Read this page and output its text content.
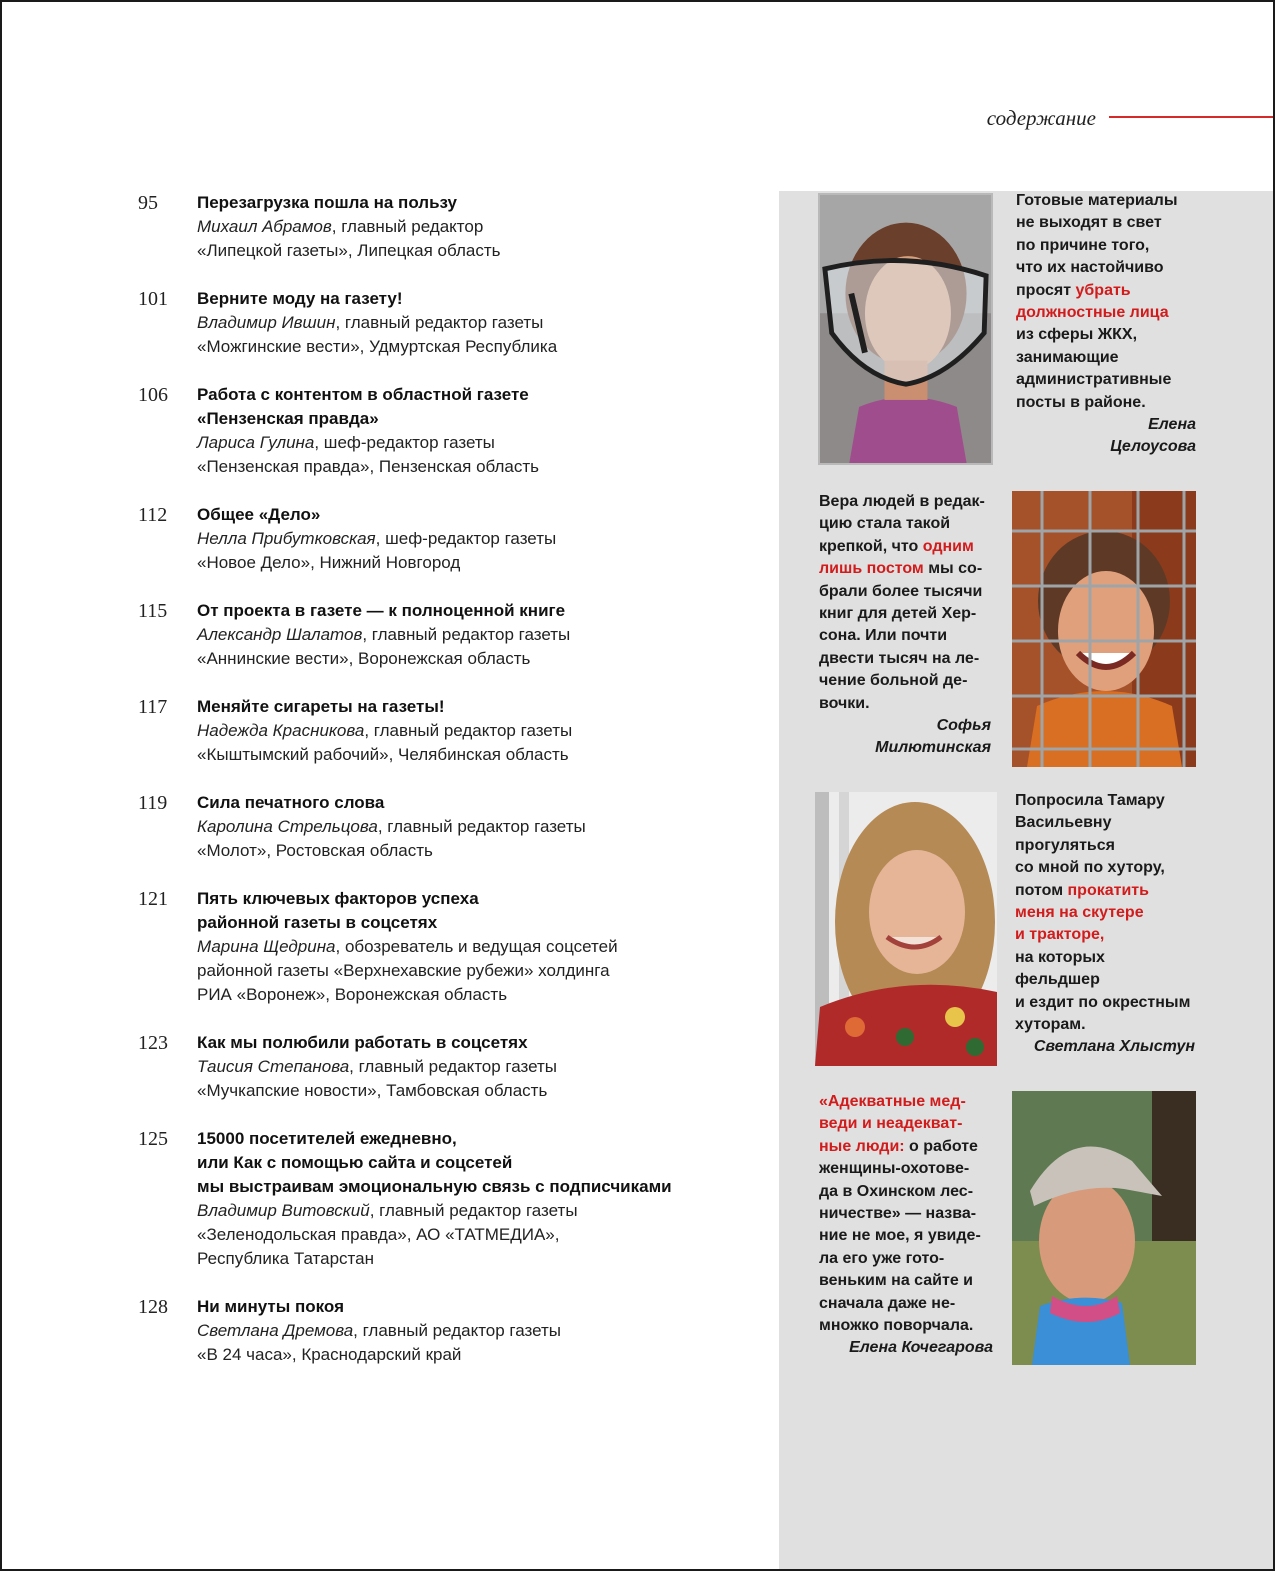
содержание
95 Перезагрузка пошла на пользу
Михаил Абрамов, главный редактор
«Липецкой газеты», Липецкая область
101 Верните моду на газету!
Владимир Ившин, главный редактор газеты
«Можгинские вести», Удмуртская Республика
106 Работа с контентом в областной газете
«Пензенская правда»
Лариса Гулина, шеф-редактор газеты
«Пензенская правда», Пензенская область
112 Общее «Дело»
Нелла Прибутковская, шеф-редактор газеты
«Новое Дело», Нижний Новгород
115 От проекта в газете — к полноценной книге
Александр Шалатов, главный редактор газеты
«Аннинские вести», Воронежская область
117 Меняйте сигареты на газеты!
Надежда Красникова, главный редактор газеты
«Кыштымский рабочий», Челябинская область
119 Сила печатного слова
Каролина Стрельцова, главный редактор газеты
«Молот», Ростовская область
121 Пять ключевых факторов успеха
районной газеты в соцсетях
Марина Щедрина, обозреватель и ведущая соцсетей
районной газеты «Верхнехавские рубежи» холдинга
РИА «Воронеж», Воронежская область
123 Как мы полюбили работать в соцсетях
Таисия Степанова, главный редактор газеты
«Мучкапские новости», Тамбовская область
125 15000 посетителей ежедневно,
или Как с помощью сайта и соцсетей
мы выстраивам эмоциональную связь с подписчиками
Владимир Витовский, главный редактор газеты
«Зеленодольская правда», АО «ТАТМЕДИА»,
Республика Татарстан
128 Ни минуты покоя
Светлана Дремова, главный редактор газеты
«В 24 часа», Краснодарский край
Готовые материалы
не выходят в свет
по причине того,
что их настойчиво
просят убрать
должностные лица
из сферы ЖКХ,
занимающие
административные
посты в районе.
Елена
Целоусова
Вера людей в редак-
цию стала такой
крепкой, что одним
лишь постом мы со-
брали более тысячи
книг для детей Хер-
сона. Или почти
двести тысяч на ле-
чение больной де-
вочки.
Софья
Милютинская
Попросила Тамару
Васильевну
прогуляться
со мной по хутору,
потом прокатить
меня на скутере
и тракторе,
на которых
фельдшер
и ездит по окрестным
хуторам.
Светлана Хлыстун
«Адекватные мед-
веди и неадекват-
ные люди: о работе
женщины-охотове-
да в Охинском лес-
ничестве» — назва-
ние не мое, я увиде-
ла его уже гото-
веньким на сайте и
сначала даже не-
множко поворчала.
Елена Кочегарова
